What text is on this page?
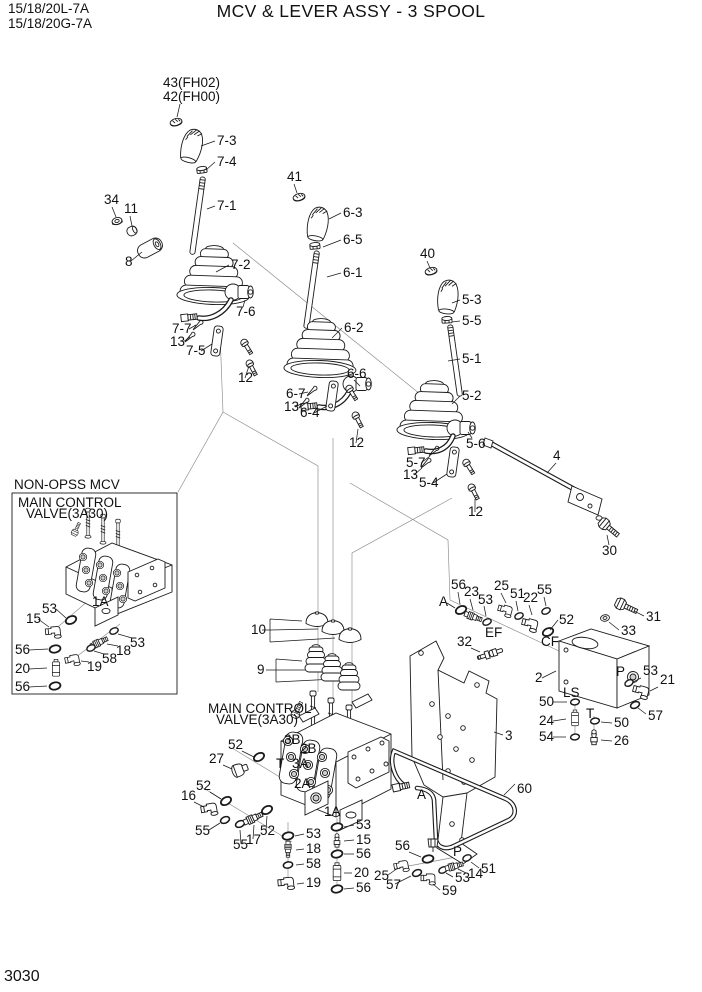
15/18/20L-7A
15/18/20G-7A
MCV & LEVER ASSY - 3 SPOOL
3030
43(FH02)
42(FH00)
7-3
7-4
7-1
34
11
8	7-2
7-6
7-7
13
7-5
12
41
6-3
6-5
6-1
6-2
6-6
6-7
13 6-4
12
40
5-3
5-5
5-1
5-2
5-6
5-7
13
5-4
12
4
30
NON-OPSS MCV
MAIN CONTROL
VALVE(3A30)
1A
53
15
56
20
56
53
18
58
19
10
9
MAIN CONTROL
VALVE(3A30)
52
27
52
16
55
55
17
52 53
18
58
19
53
15
56
20
56
25
57	59
53
14
51
56	P
A	60
3
A
56
23
53
25
51
22
55
52	31
33
32
2
50
24
54
50
26
53
21
57
EF
CF
P
LS
T
3B
2B
3A
2A
1A
T
